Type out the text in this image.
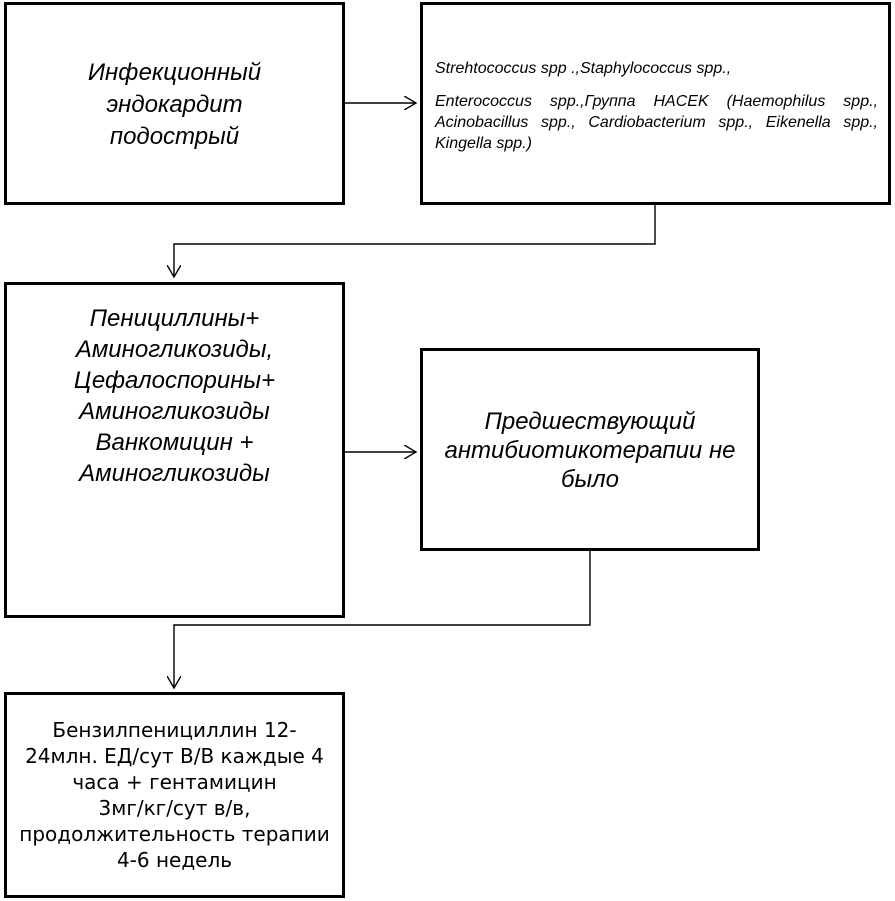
Инфекционный
эндокардит
подострый
Strehtococcus spp .,Staphylococcus spp.,
Enterococcus spp.,Группа HACEK (Haemophilus spp., Acinobacillus spp., Cardiobacterium spp., Eikenella spp., Kingella spp.)
Пенициллины+
Аминогликозиды,
Цефалоспорины+
Аминогликозиды
Ванкомицин +
Аминогликозиды
Предшествующий
антибиотикотерапии не
было
Бензилпенициллин 12-
24млн. ЕД/сут В/В каждые 4
часа + гентамицин
3мг/кг/сут в/в,
продолжительность терапии
4-6 недель
